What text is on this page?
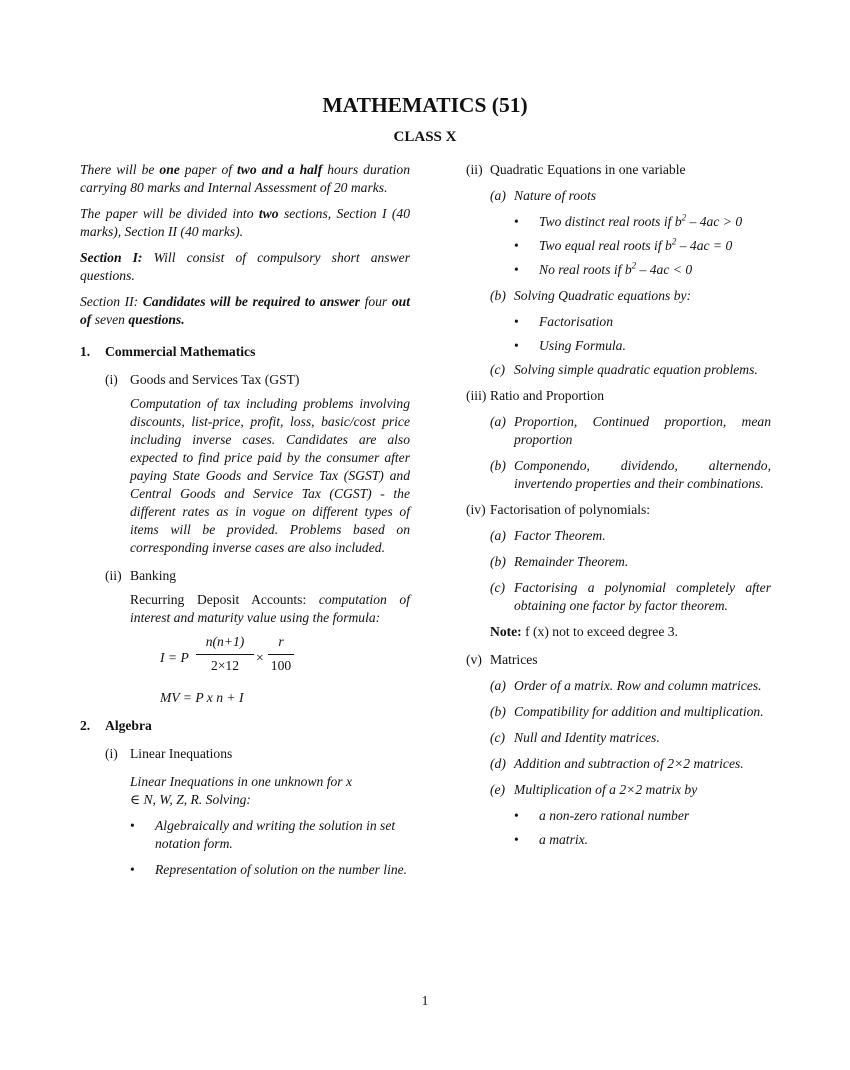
MATHEMATICS (51)
CLASS X

There will be one paper of two and a half hours duration carrying 80 marks and Internal Assessment of 20 marks.

The paper will be divided into two sections, Section I (40 marks), Section II (40 marks).

Section I: Will consist of compulsory short answer questions.

Section II: Candidates will be required to answer four out of seven questions.

1.	Commercial Mathematics
(i) Goods and Services Tax (GST)

Computation of tax including problems involving discounts, list-price, profit, loss, basic/cost price including inverse cases. Candidates are also expected to find price paid by the consumer after paying State Goods and Service Tax (SGST) and Central Goods and Service Tax (CGST) - the different rates as in vogue on different types of items will be provided. Problems based on corresponding inverse cases are also included.

(ii) Banking

Recurring Deposit Accounts: computation of interest and maturity value using the formula:

I = P
n(n+1)
2×12
×
r
100

MV = P x n + I

2.	Algebra
(i) Linear Inequations

Linear Inequations in one unknown for x ∈ N, W, Z, R. Solving:

• Algebraically and writing the solution in set notation form.
• Representation of solution on the number line.
(ii) Quadratic Equations in one variable
(a) Nature of roots
• Two distinct real roots if $b^2 - 4ac > 0$
• Two equal real roots if $b^2 - 4ac = 0$
• No real roots if $b^2 - 4ac < 0$
(b) Solving Quadratic equations by:
• Factorisation
• Using Formula.
(c) Solving simple quadratic equation problems.
(iii) Ratio and Proportion
(a) Proportion, Continued proportion, mean proportion
(b) Componendo, dividendo, alternendo, invertendo properties and their combinations.
(iv) Factorisation of polynomials:
(a) Factor Theorem.
(b) Remainder Theorem.
(c) Factorising a polynomial completely after obtaining one factor by factor theorem.

Note: f (x) not to exceed degree 3.

(v) Matrices
(a) Order of a matrix. Row and column matrices.
(b) Compatibility for addition and multiplication.
(c) Null and Identity matrices.
(d) Addition and subtraction of 2×2 matrices.
(e) Multiplication of a 2×2 matrix by
• a non-zero rational number
• a matrix.
1
